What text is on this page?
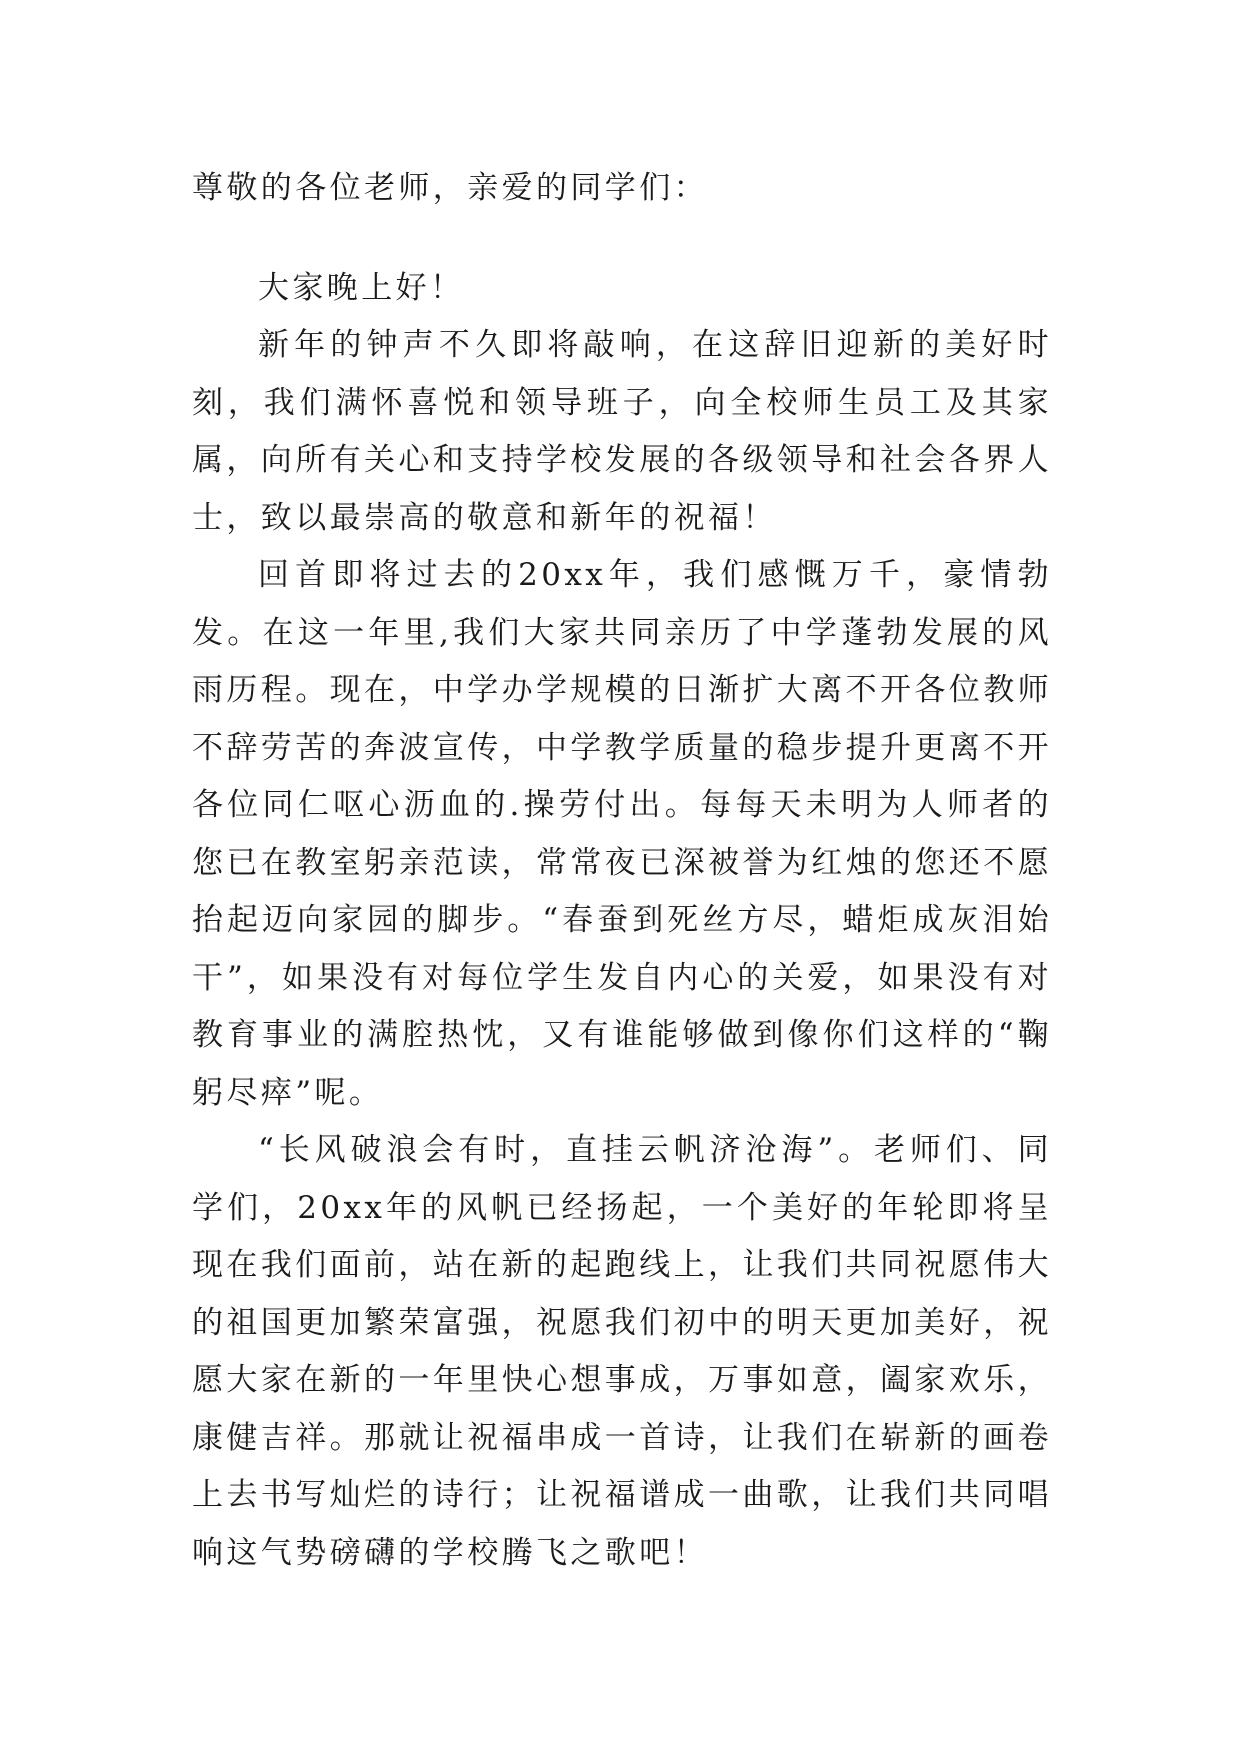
尊敬的各位老师，亲爱的同学们：

大家晚上好！

新年的钟声不久即将敲响，在这辞旧迎新的美好时刻，我们满怀喜悦和领导班子，向全校师生员工及其家属，向所有关心和支持学校发展的各级领导和社会各界人士，致以最崇高的敬意和新年的祝福！

回首即将过去的20xx年，我们感慨万千，豪情勃发。在这一年里,我们大家共同亲历了中学蓬勃发展的风雨历程。现在，中学办学规模的日渐扩大离不开各位教师不辞劳苦的奔波宣传，中学教学质量的稳步提升更离不开各位同仁呕心沥血的.操劳付出。每每天未明为人师者的您已在教室躬亲范读，常常夜已深被誉为红烛的您还不愿抬起迈向家园的脚步。“春蚕到死丝方尽，蜡炬成灰泪始干”，如果没有对每位学生发自内心的关爱，如果没有对教育事业的满腔热忱，又有谁能够做到像你们这样的“鞠躬尽瘁”呢。

“长风破浪会有时，直挂云帆济沧海”。老师们、同学们，20xx年的风帆已经扬起，一个美好的年轮即将呈现在我们面前，站在新的起跑线上，让我们共同祝愿伟大的祖国更加繁荣富强，祝愿我们初中的明天更加美好，祝愿大家在新的一年里快心想事成，万事如意，阖家欢乐，康健吉祥。那就让祝福串成一首诗，让我们在崭新的画卷上去书写灿烂的诗行；让祝福谱成一曲歌，让我们共同唱响这气势磅礴的学校腾飞之歌吧！
